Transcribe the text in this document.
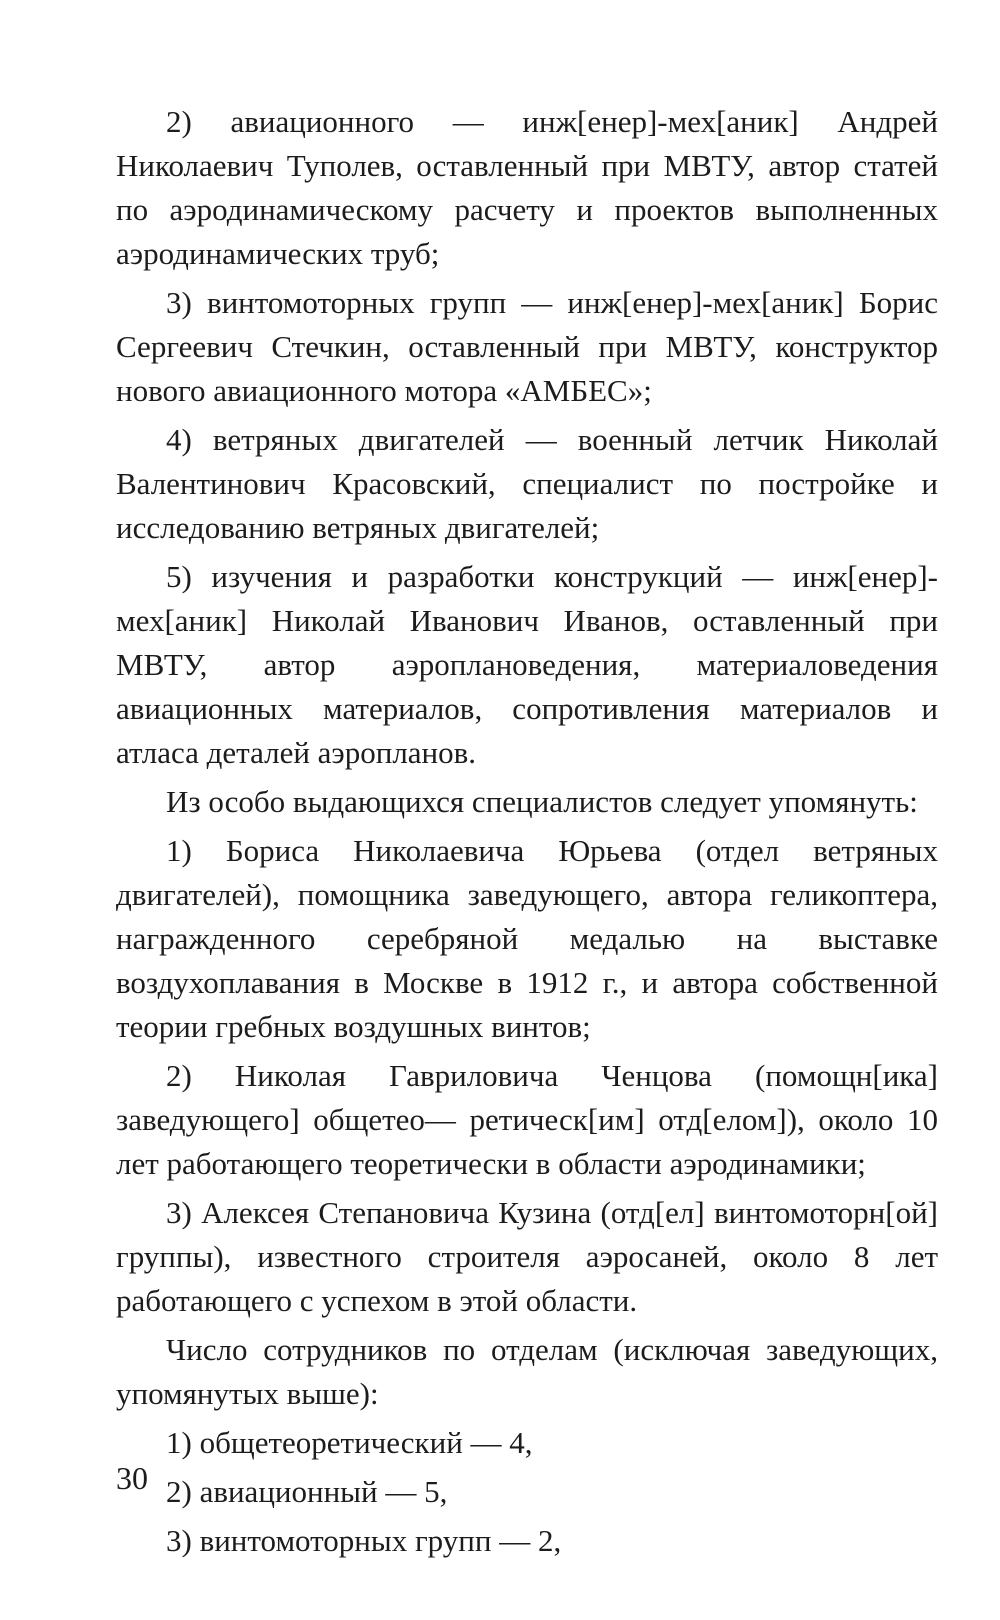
2) авиационного — инж[енер]-мех[аник] Андрей Николаевич Туполев, оставленный при МВТУ, автор статей по аэродинамическому расчету и проектов выполненных аэродинамических труб;

3) винтомоторных групп — инж[енер]-мех[аник] Борис Сергеевич Стечкин, оставленный при МВТУ, конструктор нового авиационного мотора «АМБЕС»;

4) ветряных двигателей — военный летчик Николай Валентинович Красовский, специалист по постройке и исследованию ветряных двигателей;

5) изучения и разработки конструкций — инж[енер]-мех[аник] Николай Иванович Иванов, оставленный при МВТУ, автор аэроплановедения, материаловедения авиационных материалов, сопротивления материалов и атласа деталей аэропланов.

Из особо выдающихся специалистов следует упомянуть:

1) Бориса Николаевича Юрьева (отдел ветряных двигателей), помощника заведующего, автора геликоптера, награжденного серебряной медалью на выставке воздухоплавания в Москве в 1912 г., и автора собственной теории гребных воздушных винтов;

2) Николая Гавриловича Ченцова (помощн[ика] заведующего] общетео— ретическ[им] отд[елом]), около 10 лет работающего теоретически в области аэродинамики;

3) Алексея Степановича Кузина (отд[ел] винтомоторн[ой] группы), известного строителя аэросаней, около 8 лет работающего с успехом в этой области.

Число сотрудников по отделам (исключая заведующих, упомянутых выше):

1) общетеоретический — 4,

2) авиационный — 5,

3) винтомоторных групп — 2,

30
